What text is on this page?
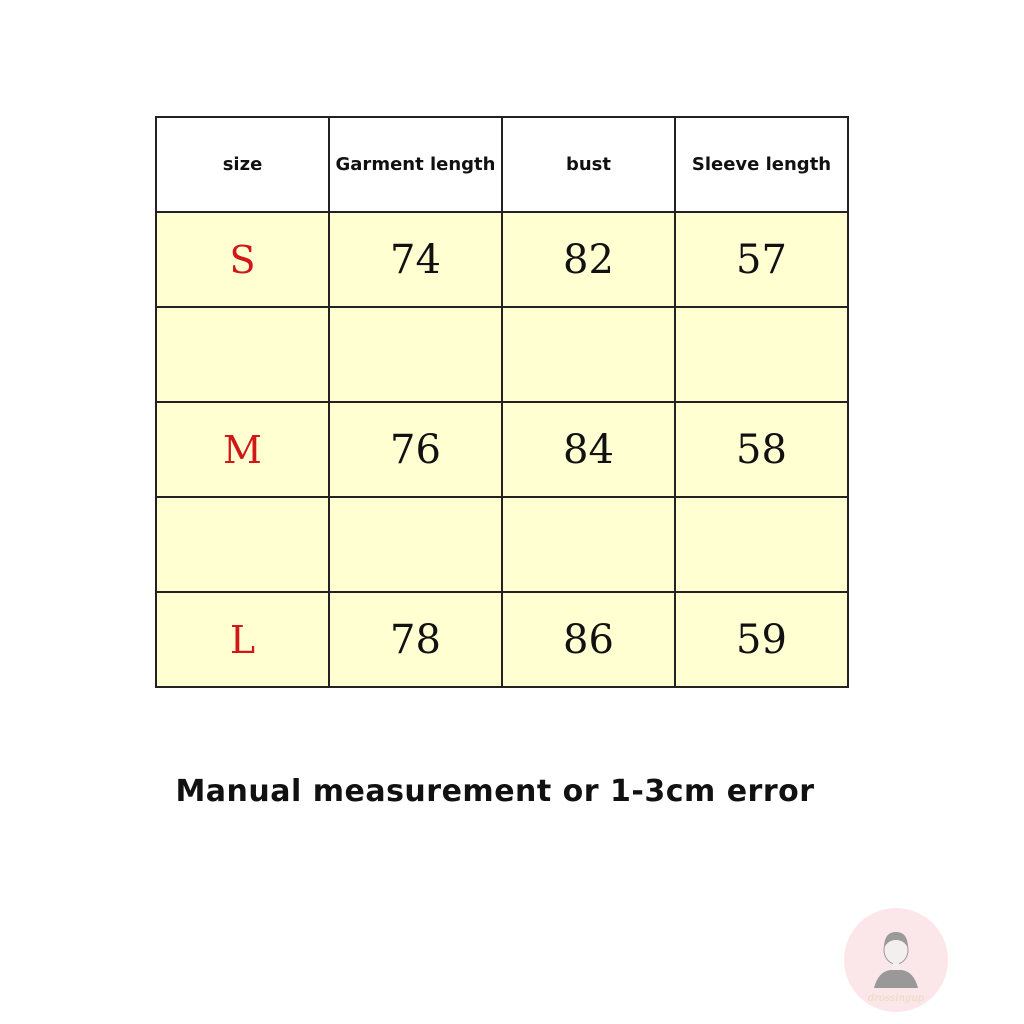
size	Garment length	bust	Sleeve length
S	74	82	57

M	76	84	58

L	78	86	59
Manual measurement or 1-3cm error
drossingup
